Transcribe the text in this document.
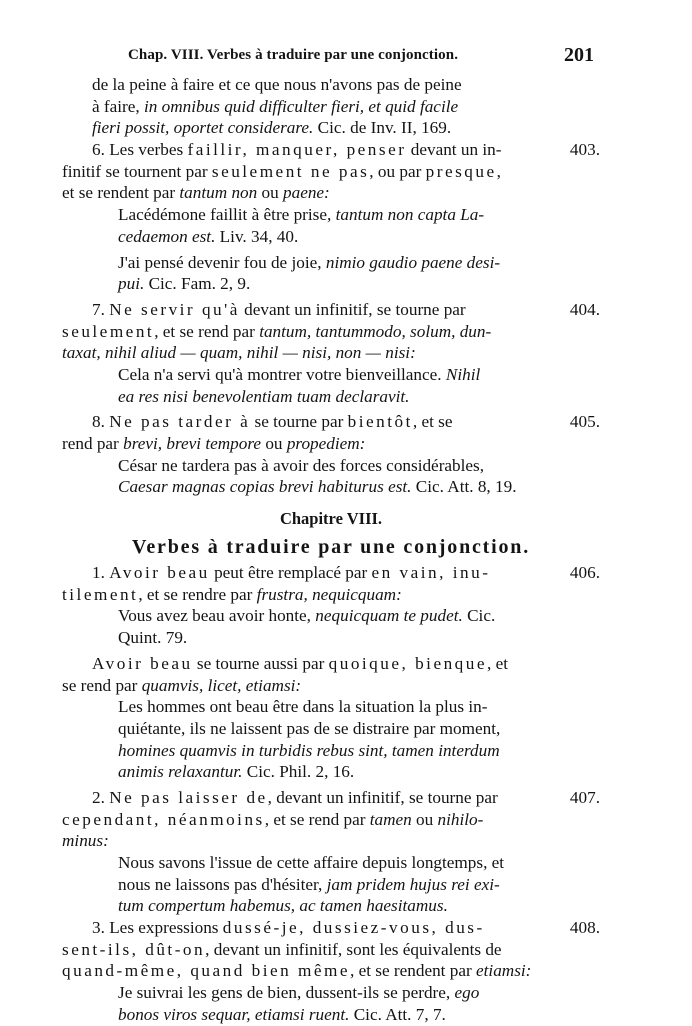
Chap. VIII. Verbes à traduire par une conjonction.	201
de la peine à faire et ce que nous n'avons pas de peine
à faire, in omnibus quid difficulter fieri, et quid facile
fieri possit, oportet considerare. Cic. de Inv. II, 169.
6. Les verbes faillir, manquer, penser devant un in-	403.
finitif se tournent par seulement ne pas, ou par presque,
et se rendent par tantum non ou paene:
Lacédémone faillit à être prise, tantum non capta La-
cedaemon est. Liv. 34, 40.
J'ai pensé devenir fou de joie, nimio gaudio paene desi-
pui. Cic. Fam. 2, 9.
7. Ne servir qu'à devant un infinitif, se tourne par	404.
seulement, et se rend par tantum, tantummodo, solum, dun-
taxat, nihil aliud — quam, nihil — nisi, non — nisi:
Cela n'a servi qu'à montrer votre bienveillance. Nihil
ea res nisi benevolentiam tuam declaravit.
8. Ne pas tarder à se tourne par bientôt, et se	405.
rend par brevi, brevi tempore ou propediem:
César ne tardera pas à avoir des forces considérables,
Caesar magnas copias brevi habiturus est. Cic. Att. 8, 19.
Chapitre VIII.
Verbes à traduire par une conjonction.
1. Avoir beau peut être remplacé par en vain, inu-	406.
tilement, et se rendre par frustra, nequicquam:
Vous avez beau avoir honte, nequicquam te pudet. Cic.
Quint. 79.
Avoir beau se tourne aussi par quoique, bienque, et
se rend par quamvis, licet, etiamsi:
Les hommes ont beau être dans la situation la plus in-
quiétante, ils ne laissent pas de se distraire par moment,
homines quamvis in turbidis rebus sint, tamen interdum
animis relaxantur. Cic. Phil. 2, 16.
2. Ne pas laisser de, devant un infinitif, se tourne par	407.
cependant, néanmoins, et se rend par tamen ou nihilo-
minus:
Nous savons l'issue de cette affaire depuis longtemps, et
nous ne laissons pas d'hésiter, jam pridem hujus rei exi-
tum compertum habemus, ac tamen haesitamus.
3. Les expressions dussé-je, dussiez-vous, dus-	408.
sent-ils, dût-on, devant un infinitif, sont les équivalents de
quand-même, quand bien même, et se rendent par etiamsi:
Je suivrai les gens de bien, dussent-ils se perdre, ego
bonos viros sequar, etiamsi ruent. Cic. Att. 7, 7.
